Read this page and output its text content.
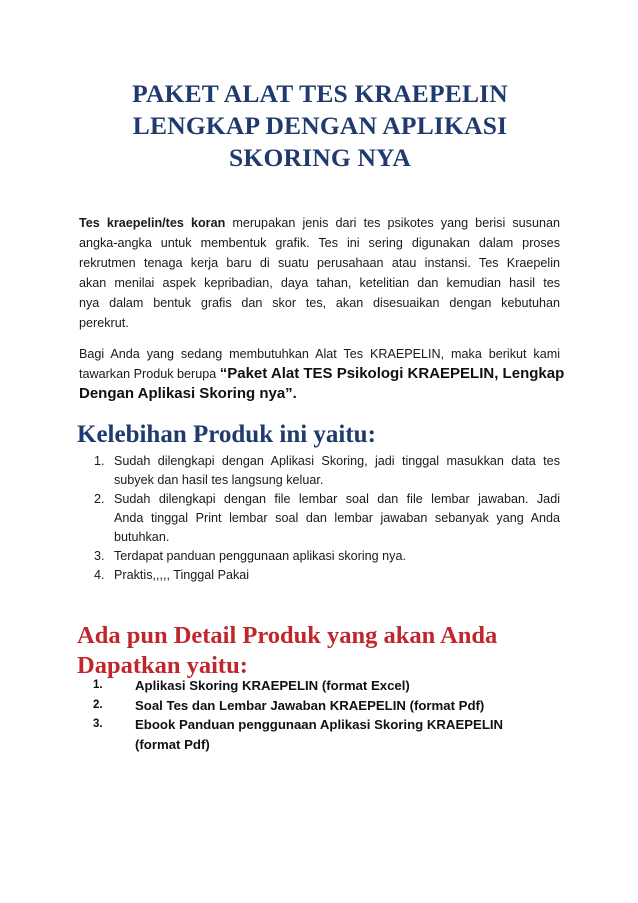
PAKET ALAT TES KRAEPELIN
LENGKAP DENGAN APLIKASI
SKORING NYA
Tes kraepelin/tes koran merupakan jenis dari tes psikotes yang berisi susunan
angka-angka untuk membentuk grafik. Tes ini sering digunakan dalam proses
rekrutmen tenaga kerja baru di suatu perusahaan atau instansi. Tes Kraepelin
akan menilai aspek kepribadian, daya tahan, ketelitian dan kemudian hasil tes
nya dalam bentuk grafis dan skor tes, akan disesuaikan dengan kebutuhan
perekrut.
Bagi Anda yang sedang membutuhkan Alat Tes KRAEPELIN, maka berikut kami
tawarkan Produk berupa “Paket Alat TES Psikologi KRAEPELIN, Lengkap
Dengan Aplikasi Skoring nya”.
Kelebihan Produk ini yaitu:
1. Sudah dilengkapi dengan Aplikasi Skoring, jadi tinggal masukkan data tes
subyek dan hasil tes langsung keluar.
2. Sudah dilengkapi dengan file lembar soal dan file lembar jawaban. Jadi
Anda tinggal Print lembar soal dan lembar jawaban sebanyak yang Anda
butuhkan.
3. Terdapat panduan penggunaan aplikasi skoring nya.
4. Praktis,,,,, Tinggal Pakai
Ada pun Detail Produk yang akan Anda
Dapatkan yaitu:
1. Aplikasi Skoring KRAEPELIN (format Excel)
2. Soal Tes dan Lembar Jawaban KRAEPELIN (format Pdf)
3. Ebook Panduan penggunaan Aplikasi Skoring KRAEPELIN
(format Pdf)
